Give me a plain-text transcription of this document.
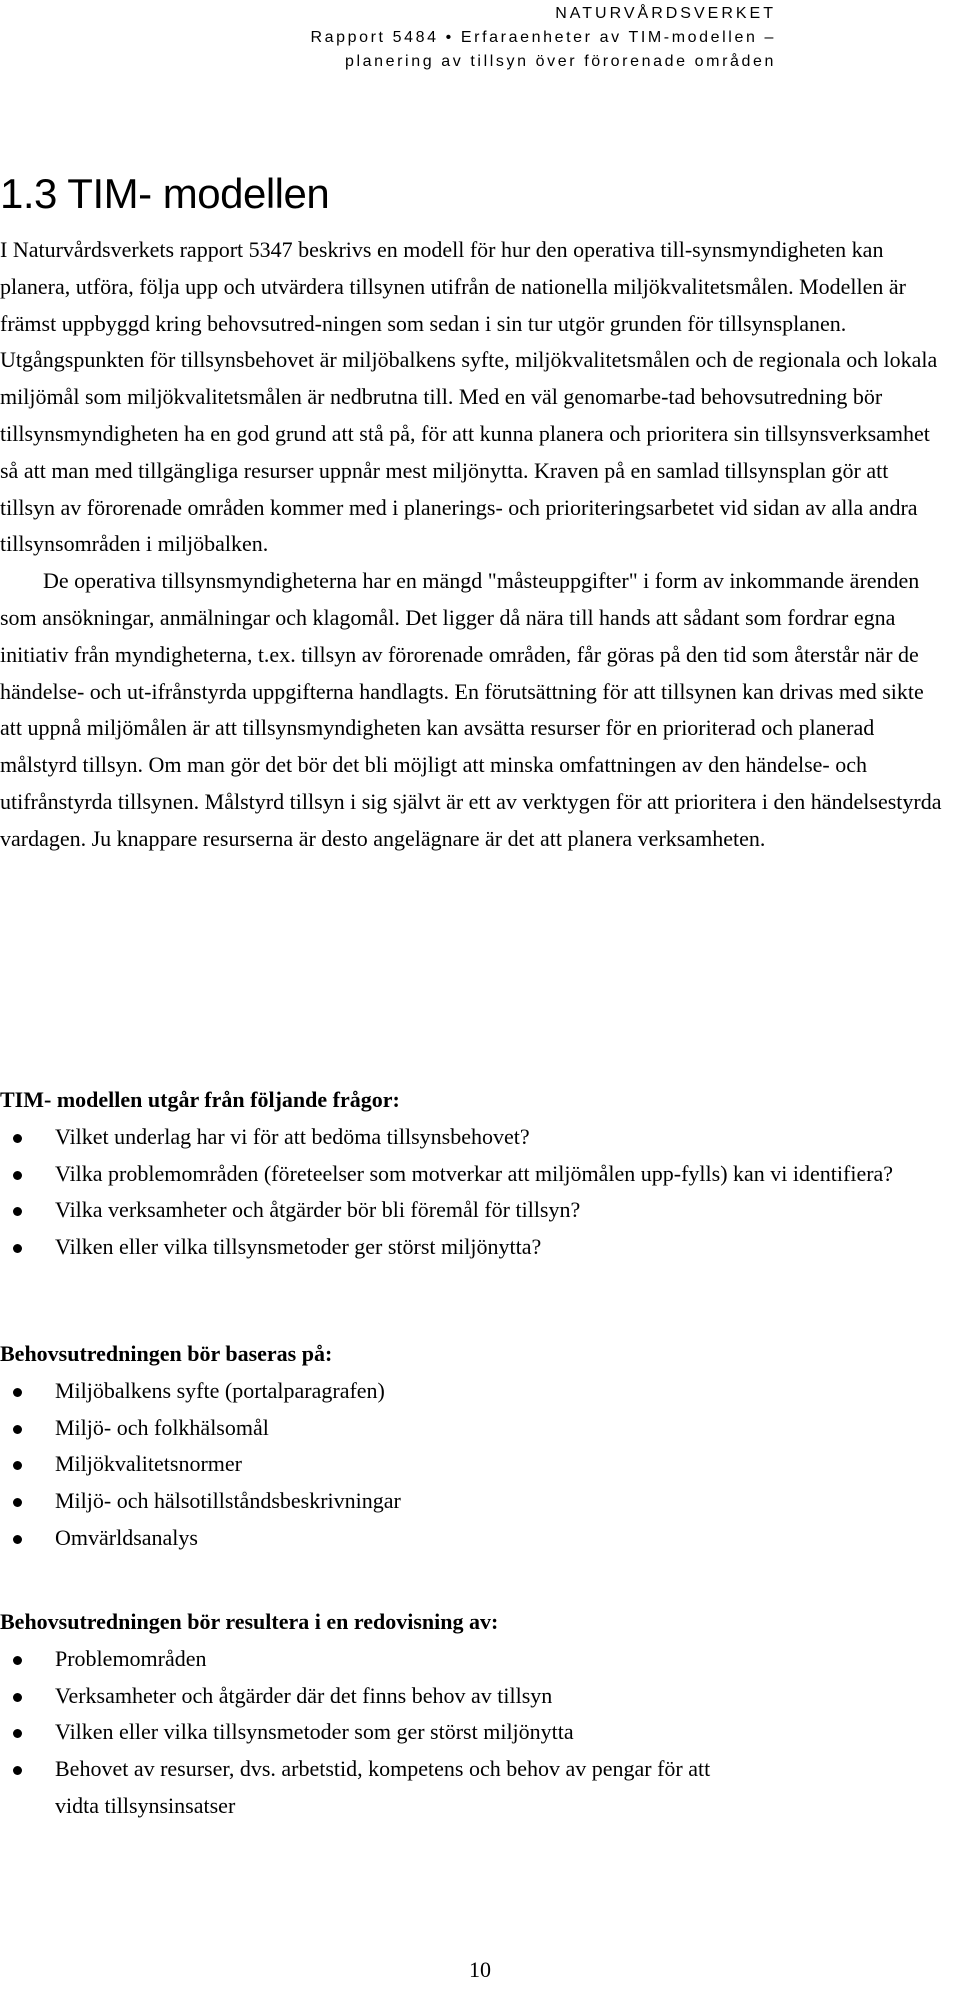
NATURVÅRDSVERKET
Rapport 5484 • Erfaraenheter av TIM-modellen –
planering av tillsyn över förorenade områden
1.3 TIM- modellen

I Naturvårdsverkets rapport 5347 beskrivs en modell för hur den operativa till-synsmyndigheten kan planera, utföra, följa upp och utvärdera tillsynen utifrån de nationella miljökvalitetsmålen. Modellen är främst uppbyggd kring behovsutred-ningen som sedan i sin tur utgör grunden för tillsynsplanen. Utgångspunkten för tillsynsbehovet är miljöbalkens syfte, miljökvalitetsmålen och de regionala och lokala miljömål som miljökvalitetsmålen är nedbrutna till. Med en väl genomarbe-tad behovsutredning bör tillsynsmyndigheten ha en god grund att stå på, för att kunna planera och prioritera sin tillsynsverksamhet så att man med tillgängliga resurser uppnår mest miljönytta. Kraven på en samlad tillsynsplan gör att tillsyn av förorenade områden kommer med i planerings- och prioriteringsarbetet vid sidan av alla andra tillsynsområden i miljöbalken.

De operativa tillsynsmyndigheterna har en mängd "måsteuppgifter" i form av inkommande ärenden som ansökningar, anmälningar och klagomål. Det ligger då nära till hands att sådant som fordrar egna initiativ från myndigheterna, t.ex. tillsyn av förorenade områden, får göras på den tid som återstår när de händelse- och ut-ifrånstyrda uppgifterna handlagts. En förutsättning för att tillsynen kan drivas med sikte att uppnå miljömålen är att tillsynsmyndigheten kan avsätta resurser för en prioriterad och planerad målstyrd tillsyn. Om man gör det bör det bli möjligt att minska omfattningen av den händelse- och utifrånstyrda tillsynen. Målstyrd tillsyn i sig självt är ett av verktygen för att prioritera i den händelsestyrda vardagen. Ju knappare resurserna är desto angelägnare är det att planera verksamheten.

TIM- modellen utgår från följande frågor:
Vilket underlag har vi för att bedöma tillsynsbehovet?
Vilka problemområden (företeelser som motverkar att miljömålen upp-fylls) kan vi identifiera?
Vilka verksamheter och åtgärder bör bli föremål för tillsyn?
Vilken eller vilka tillsynsmetoder ger störst miljönytta?
Behovsutredningen bör baseras på:
Miljöbalkens syfte (portalparagrafen)
Miljö- och folkhälsomål
Miljökvalitetsnormer
Miljö- och hälsotillståndsbeskrivningar
Omvärldsanalys
Behovsutredningen bör resultera i en redovisning av:
Problemområden
Verksamheter och åtgärder där det finns behov av tillsyn
Vilken eller vilka tillsynsmetoder som ger störst miljönytta
Behovet av resurser, dvs. arbetstid, kompetens och behov av pengar för att vidta tillsynsinsatser
10
